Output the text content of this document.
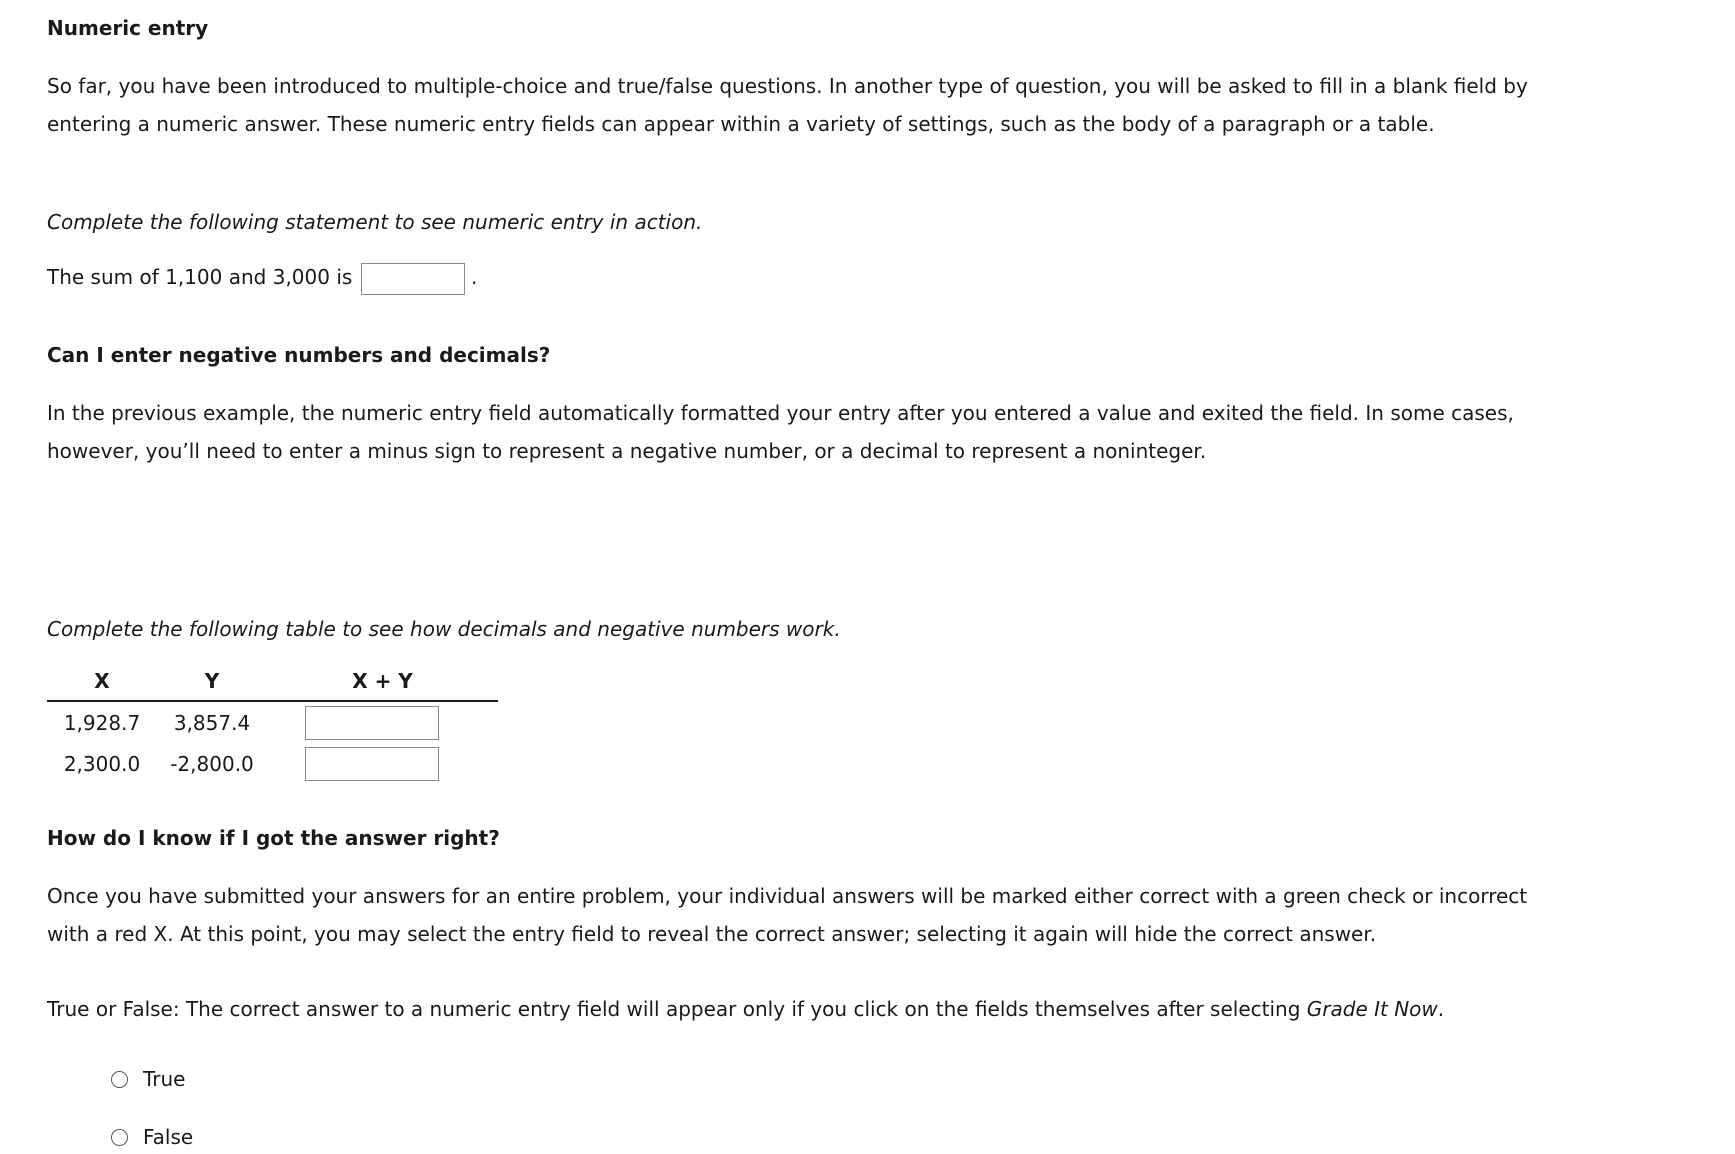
Numeric entry

So far, you have been introduced to multiple-choice and true/false questions. In another type of question, you will be asked to fill in a blank field by entering a numeric answer. These numeric entry fields can appear within a variety of settings, such as the body of a paragraph or a table.

Complete the following statement to see numeric entry in action.

The sum of 1,100 and 3,000 is	.
Can I enter negative numbers and decimals?

In the previous example, the numeric entry field automatically formatted your entry after you entered a value and exited the field. In some cases, however, you’ll need to enter a minus sign to represent a negative number, or a decimal to represent a noninteger.

Complete the following table to see how decimals and negative numbers work.

X	Y	X + Y
1,928.7	3,857.4	
2,300.0	-2,800.0	
How do I know if I got the answer right?

Once you have submitted your answers for an entire problem, your individual answers will be marked either correct with a green check or incorrect with a red X. At this point, you may select the entry field to reveal the correct answer; selecting it again will hide the correct answer.

True or False: The correct answer to a numeric entry field will appear only if you click on the fields themselves after selecting Grade It Now.

True
False
